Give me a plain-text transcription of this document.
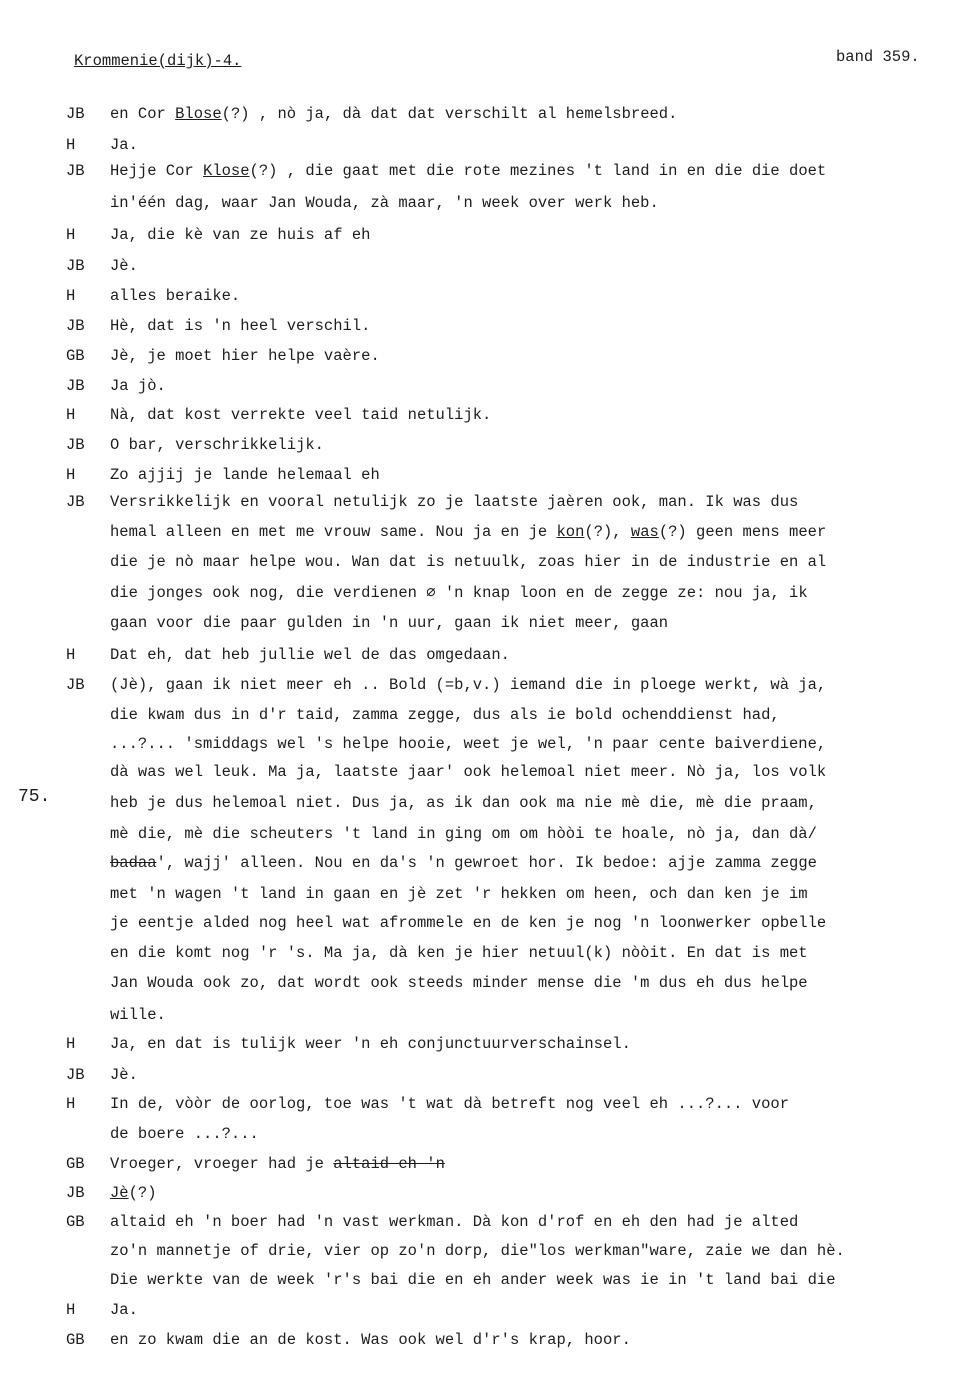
Krommenie(dijk)-4.	band 359.
75.
JB en Cor Blose(?) , nò ja, dà dat dat verschilt al hemelsbreed.
H Ja.
JB Hejje Cor Klose(?) , die gaat met die rote mezines 't land in en die die doet
in'één dag, waar Jan Wouda, zà maar, 'n week over werk heb.
H Ja, die kè van ze huis af eh
JB Jè.
H alles beraike.
JB Hè, dat is 'n heel verschil.
GB Jè, je moet hier helpe vaère.
JB Ja jò.
H Nà, dat kost verrekte veel taid netulijk.
JB O bar, verschrikkelijk.
H Zo ajjij je lande helemaal eh
JB Versrikkelijk en vooral netulijk zo je laatste jaèren ook, man. Ik was dus
hemal alleen en met me vrouw same. Nou ja en je kon(?), was(?) geen mens meer
die je nò maar helpe wou. Wan dat is netuulk, zoas hier in de industrie en al
die jonges ook nog, die verdienen ∅ 'n knap loon en de zegge ze: nou ja, ik
gaan voor die paar gulden in 'n uur, gaan ik niet meer, gaan
H Dat eh, dat heb jullie wel de das omgedaan.
JB (Jè), gaan ik niet meer eh .. Bold (=b,v.) iemand die in ploege werkt, wà ja,
die kwam dus in d'r taid, zamma zegge, dus als ie bold ochenddienst had,
...?... 'smiddags wel 's helpe hooie, weet je wel, 'n paar cente baiverdiene,
dà was wel leuk. Ma ja, laatste jaar' ook helemoal niet meer. Nò ja, los volk
heb je dus helemoal niet. Dus ja, as ik dan ook ma nie mè die, mè die praam,
mè die, mè die scheuters 't land in ging om om hòòi te hoale, nò ja, dan dà/
badaa', wajj' alleen. Nou en da's 'n gewroet hor. Ik bedoe: ajje zamma zegge
met 'n wagen 't land in gaan en jè zet 'r hekken om heen, och dan ken je im
je eentje alded nog heel wat afrommele en de ken je nog 'n loonwerker opbelle
en die komt nog 'r 's. Ma ja, dà ken je hier netuul(k) nòòit. En dat is met
Jan Wouda ook zo, dat wordt ook steeds minder mense die 'm dus eh dus helpe
wille.
H Ja, en dat is tulijk weer 'n eh conjunctuurverschainsel.
JB Jè.
H In de, vòòr de oorlog, toe was 't wat dà betreft nog veel eh ...?... voor
de boere ...?...
GB Vroeger, vroeger had je altaid eh 'n
JB Jè(?)
GB altaid eh 'n boer had 'n vast werkman. Dà kon d'rof en eh den had je alted
zo'n mannetje of drie, vier op zo'n dorp, die"los werkman"ware, zaie we dan hè.
Die werkte van de week 'r's bai die en eh ander week was ie in 't land bai die
H Ja.
GB en zo kwam die an de kost. Was ook wel d'r's krap, hoor.
